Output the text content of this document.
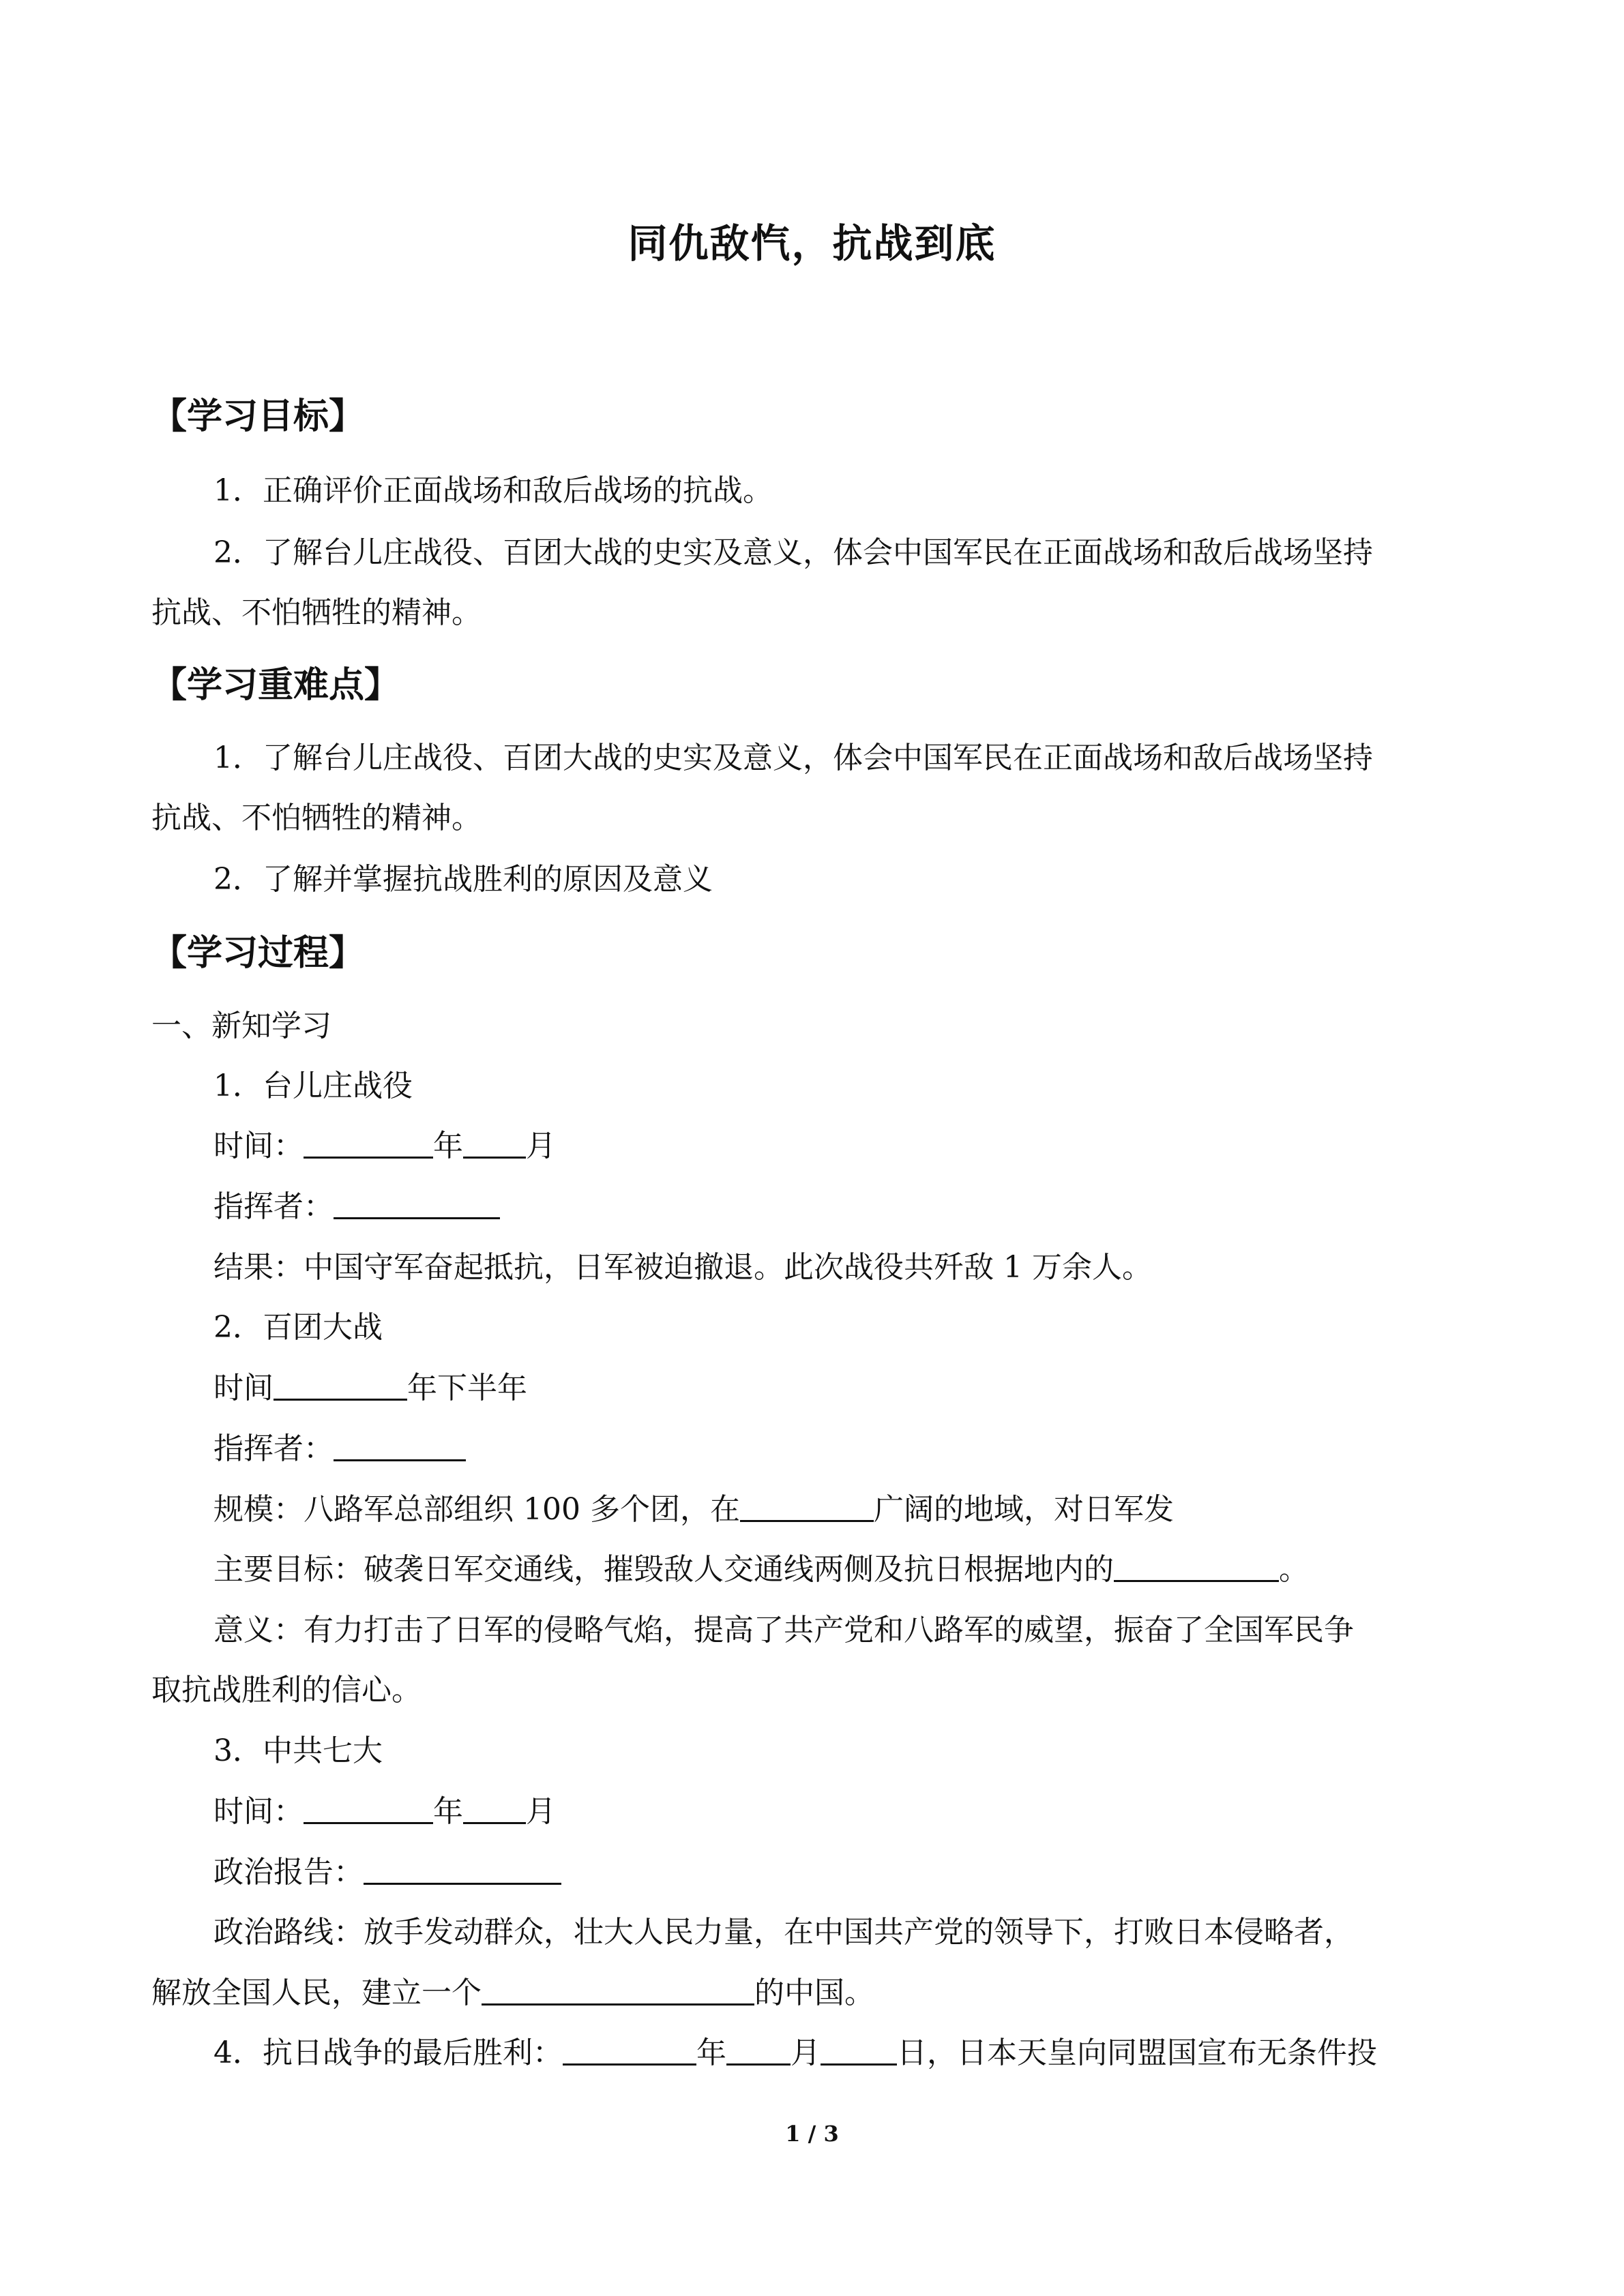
同仇敌忾，抗战到底
【学习目标】
1．正确评价正面战场和敌后战场的抗战。
2．了解台儿庄战役、百团大战的史实及意义，体会中国军民在正面战场和敌后战场坚持
抗战、不怕牺牲的精神。
【学习重难点】
1．了解台儿庄战役、百团大战的史实及意义，体会中国军民在正面战场和敌后战场坚持
抗战、不怕牺牲的精神。
2．了解并掌握抗战胜利的原因及意义
【学习过程】
一、新知学习
1．台儿庄战役
时间：	年 月
指挥者：
结果：中国守军奋起抵抗，日军被迫撤退。此次战役共歼敌 1 万余人。
2．百团大战
时间	年下半年
指挥者：
规模：八路军总部组织 100 多个团，在	广阔的地域，对日军发
主要目标：破袭日军交通线，摧毁敌人交通线两侧及抗日根据地内的	。
意义：有力打击了日军的侵略气焰，提高了共产党和八路军的威望，振奋了全国军民争
取抗战胜利的信心。
3．中共七大
时间：	年 月
政治报告：
政治路线：放手发动群众，壮大人民力量，在中国共产党的领导下，打败日本侵略者，
解放全国人民，建立一个	的中国。
4．抗日战争的最后胜利：	年 月	日，日本天皇向同盟国宣布无条件投
1 / 3
